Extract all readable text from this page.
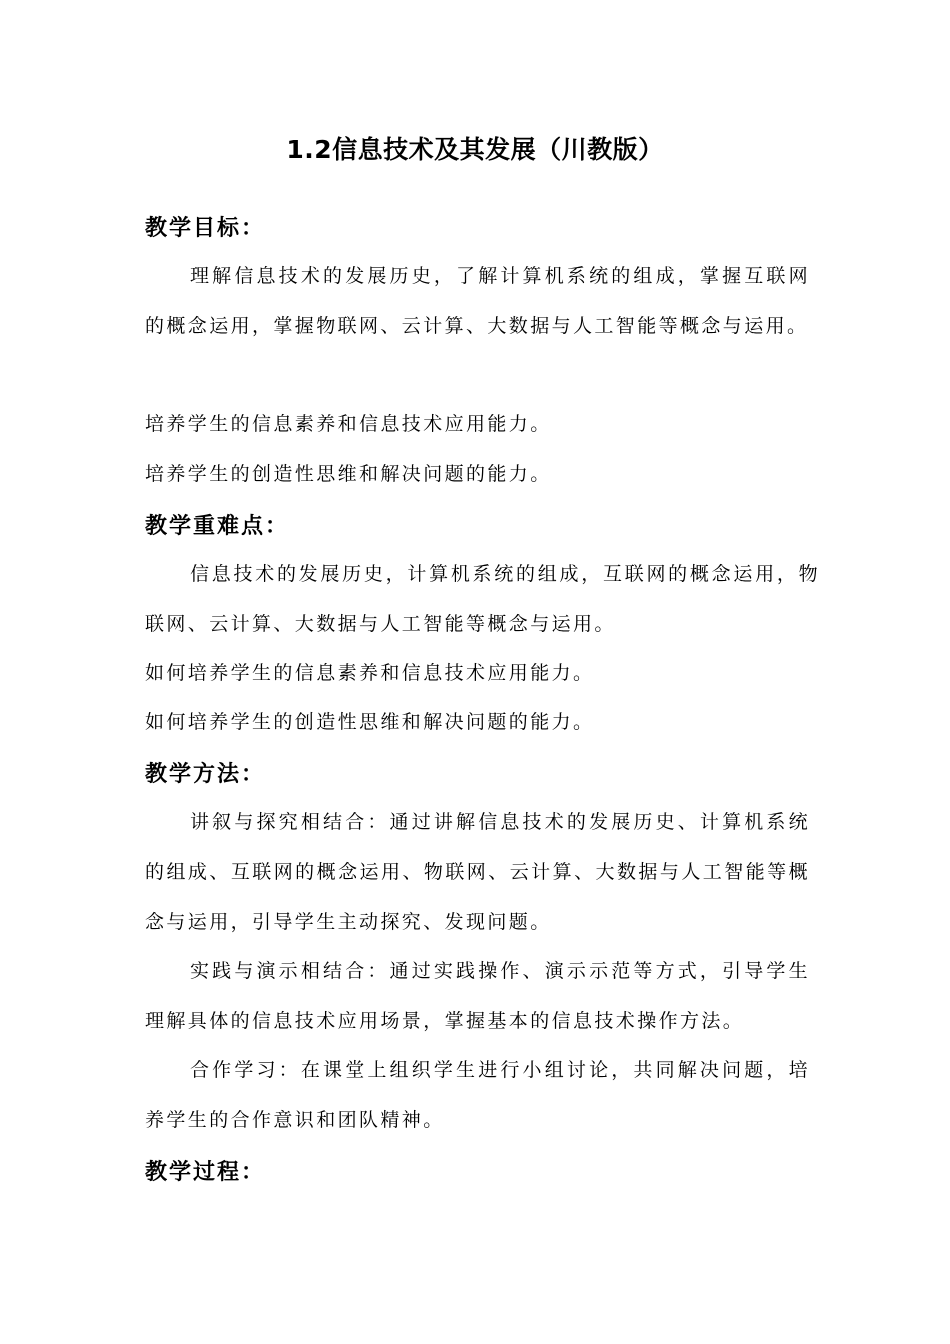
1.2信息技术及其发展（川教版）
教学目标：

理解信息技术的发展历史，了解计算机系统的组成，掌握互联网的概念运用，掌握物联网、云计算、大数据与人工智能等概念与运用。

培养学生的信息素养和信息技术应用能力。
培养学生的创造性思维和解决问题的能力。
教学重难点：

信息技术的发展历史，计算机系统的组成，互联网的概念运用，物联网、云计算、大数据与人工智能等概念与运用。

如何培养学生的信息素养和信息技术应用能力。
如何培养学生的创造性思维和解决问题的能力。
教学方法：

讲叙与探究相结合：通过讲解信息技术的发展历史、计算机系统的组成、互联网的概念运用、物联网、云计算、大数据与人工智能等概念与运用，引导学生主动探究、发现问题。

实践与演示相结合：通过实践操作、演示示范等方式，引导学生理解具体的信息技术应用场景，掌握基本的信息技术操作方法。

合作学习：在课堂上组织学生进行小组讨论，共同解决问题，培养学生的合作意识和团队精神。

教学过程：
